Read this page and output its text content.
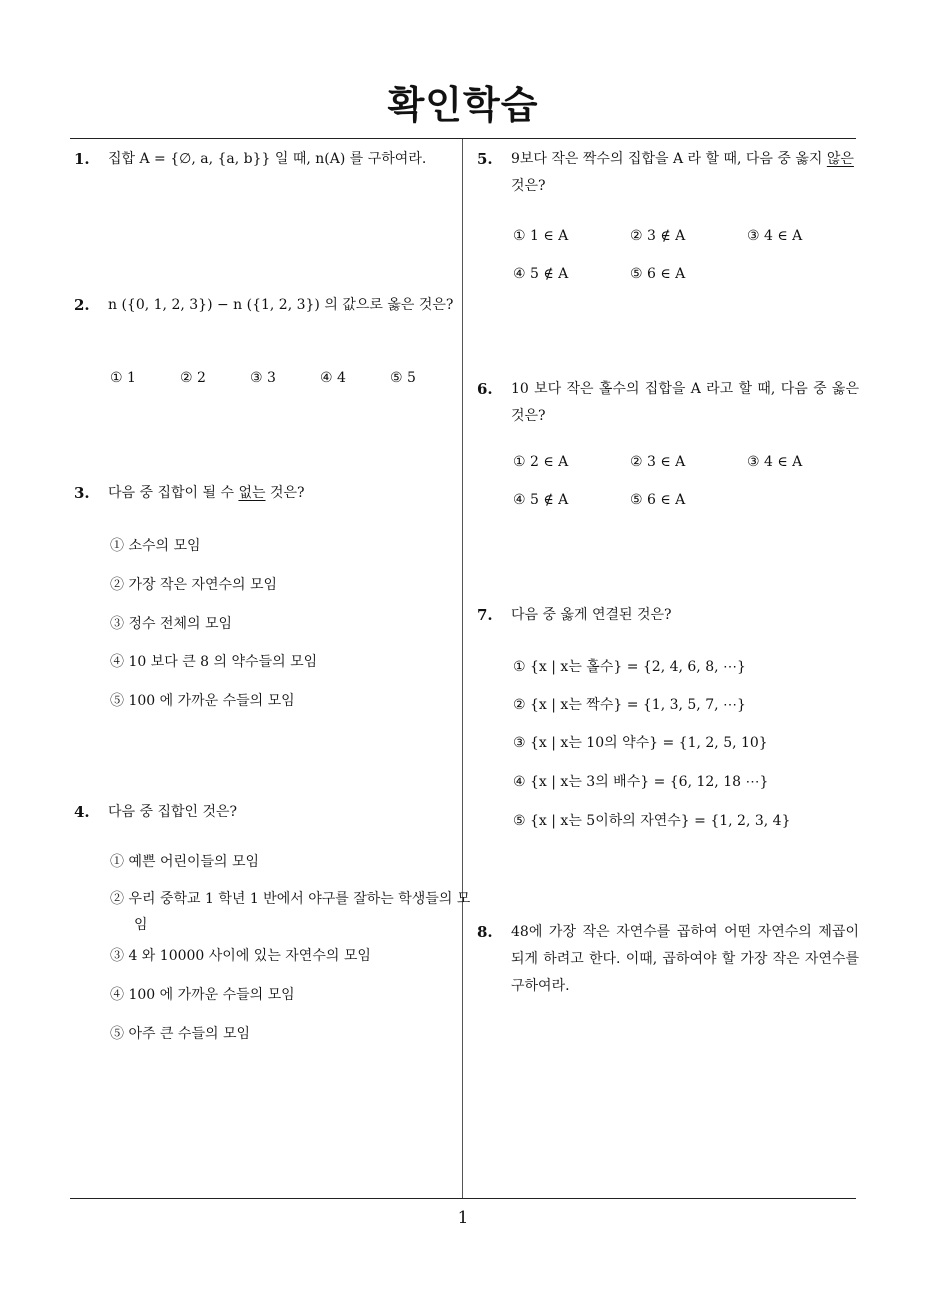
확인학습
1
1. 집합 A = {∅, a, {a, b}} 일 때, n(A) 를 구하여라.
2. n ({0, 1, 2, 3}) − n ({1, 2, 3}) 의 값으로 옳은 것은?
① 1	② 2	③ 3	④ 4	⑤ 5
3. 다음 중 집합이 될 수 없는 것은?
① 소수의 모임
② 가장 작은 자연수의 모임
③ 정수 전체의 모임
④ 10 보다 큰 8 의 약수들의 모임
⑤ 100 에 가까운 수들의 모임
4. 다음 중 집합인 것은?
① 예쁜 어린이들의 모임
② 우리 중학교 1 학년 1 반에서 야구를 잘하는 학생들의 모임
③ 4 와 10000 사이에 있는 자연수의 모임
④ 100 에 가까운 수들의 모임
⑤ 아주 큰 수들의 모임
5. 9보다 작은 짝수의 집합을 A 라 할 때, 다음 중 옳지 않은 것은?
① 1 ∈ A	② 3 ∉ A	③ 4 ∈ A
④ 5 ∉ A	⑤ 6 ∈ A
6. 10 보다 작은 홀수의 집합을 A 라고 할 때, 다음 중 옳은 것은?
① 2 ∈ A	② 3 ∈ A	③ 4 ∈ A
④ 5 ∉ A	⑤ 6 ∈ A
7. 다음 중 옳게 연결된 것은?
① {x | x는 홀수} = {2, 4, 6, 8, ⋯}
② {x | x는 짝수} = {1, 3, 5, 7, ⋯}
③ {x | x는 10의 약수} = {1, 2, 5, 10}
④ {x | x는 3의 배수} = {6, 12, 18 ⋯}
⑤ {x | x는 5이하의 자연수} = {1, 2, 3, 4}
8. 48에 가장 작은 자연수를 곱하여 어떤 자연수의 제곱이 되게 하려고 한다. 이때, 곱하여야 할 가장 작은 자연수를 구하여라.
